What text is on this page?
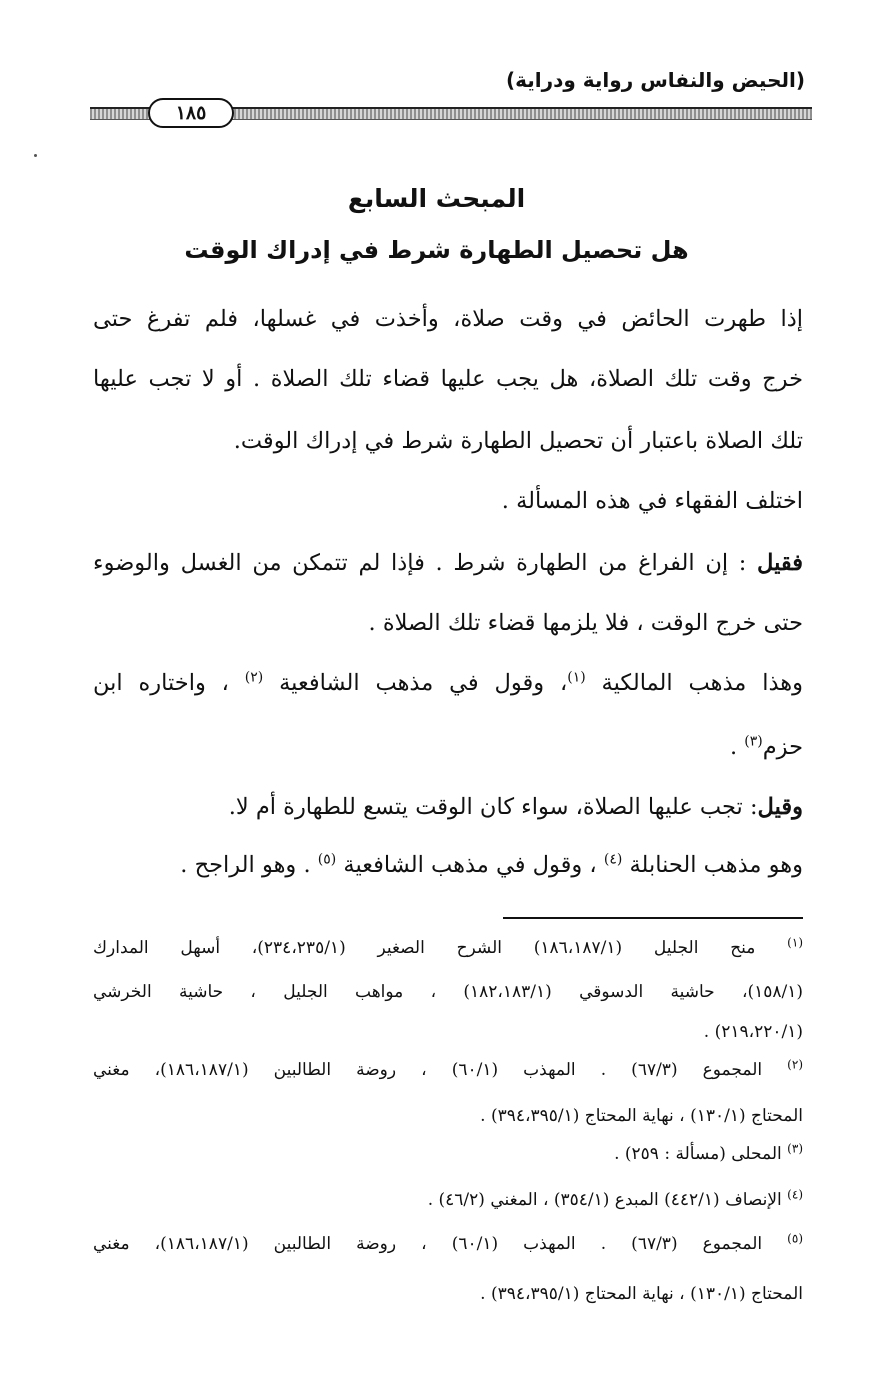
(الحيض والنفاس رواية ودراية)
١٨٥
المبحث السابع
هل تحصيل الطهارة شرط في إدراك الوقت
إذا طهرت الحائض في وقت صلاة، وأخذت في غسلها، فلم تفرغ حتى
خرج وقت تلك الصلاة، هل يجب عليها قضاء تلك الصلاة . أو لا تجب عليها
تلك الصلاة باعتبار أن تحصيل الطهارة شرط في إدراك الوقت.
اختلف الفقهاء في هذه المسألة .
فقيل : إن الفراغ من الطهارة شرط . فإذا لم تتمكن من الغسل والوضوء
حتى خرج الوقت ، فلا يلزمها قضاء تلك الصلاة .
وهذا مذهب المالكية $^{(١)}$، وقول في مذهب الشافعية $^{(٢)}$ ، واختاره ابن
حزم$^{(٣)}$ .
وقيل: تجب عليها الصلاة، سواء كان الوقت يتسع للطهارة أم لا.
وهو مذهب الحنابلة $^{(٤)}$ ، وقول في مذهب الشافعية $^{(٥)}$ . وهو الراجح .
$^{(١)}$ منح الجليل (١٨٦،١٨٧/١) الشرح الصغير (٢٣٤،٢٣٥/١)، أسهل المدارك
(١٥٨/١)، حاشية الدسوقي (١٨٢،١٨٣/١) ، مواهب الجليل ، حاشية الخرشي
(٢١٩،٢٢٠/١) .
$^{(٢)}$ المجموع (٦٧/٣) . المهذب (٦٠/١) ، روضة الطالبين (١٨٦،١٨٧/١)، مغني
المحتاج (١٣٠/١) ، نهاية المحتاج (٣٩٤،٣٩٥/١) .
$^{(٣)}$ المحلى (مسألة : ٢٥٩) .
$^{(٤)}$ الإنصاف (٤٤٢/١) المبدع (٣٥٤/١) ، المغني (٤٦/٢) .
$^{(٥)}$ المجموع (٦٧/٣) . المهذب (٦٠/١) ، روضة الطالبين (١٨٦،١٨٧/١)، مغني
المحتاج (١٣٠/١) ، نهاية المحتاج (٣٩٤،٣٩٥/١) .
